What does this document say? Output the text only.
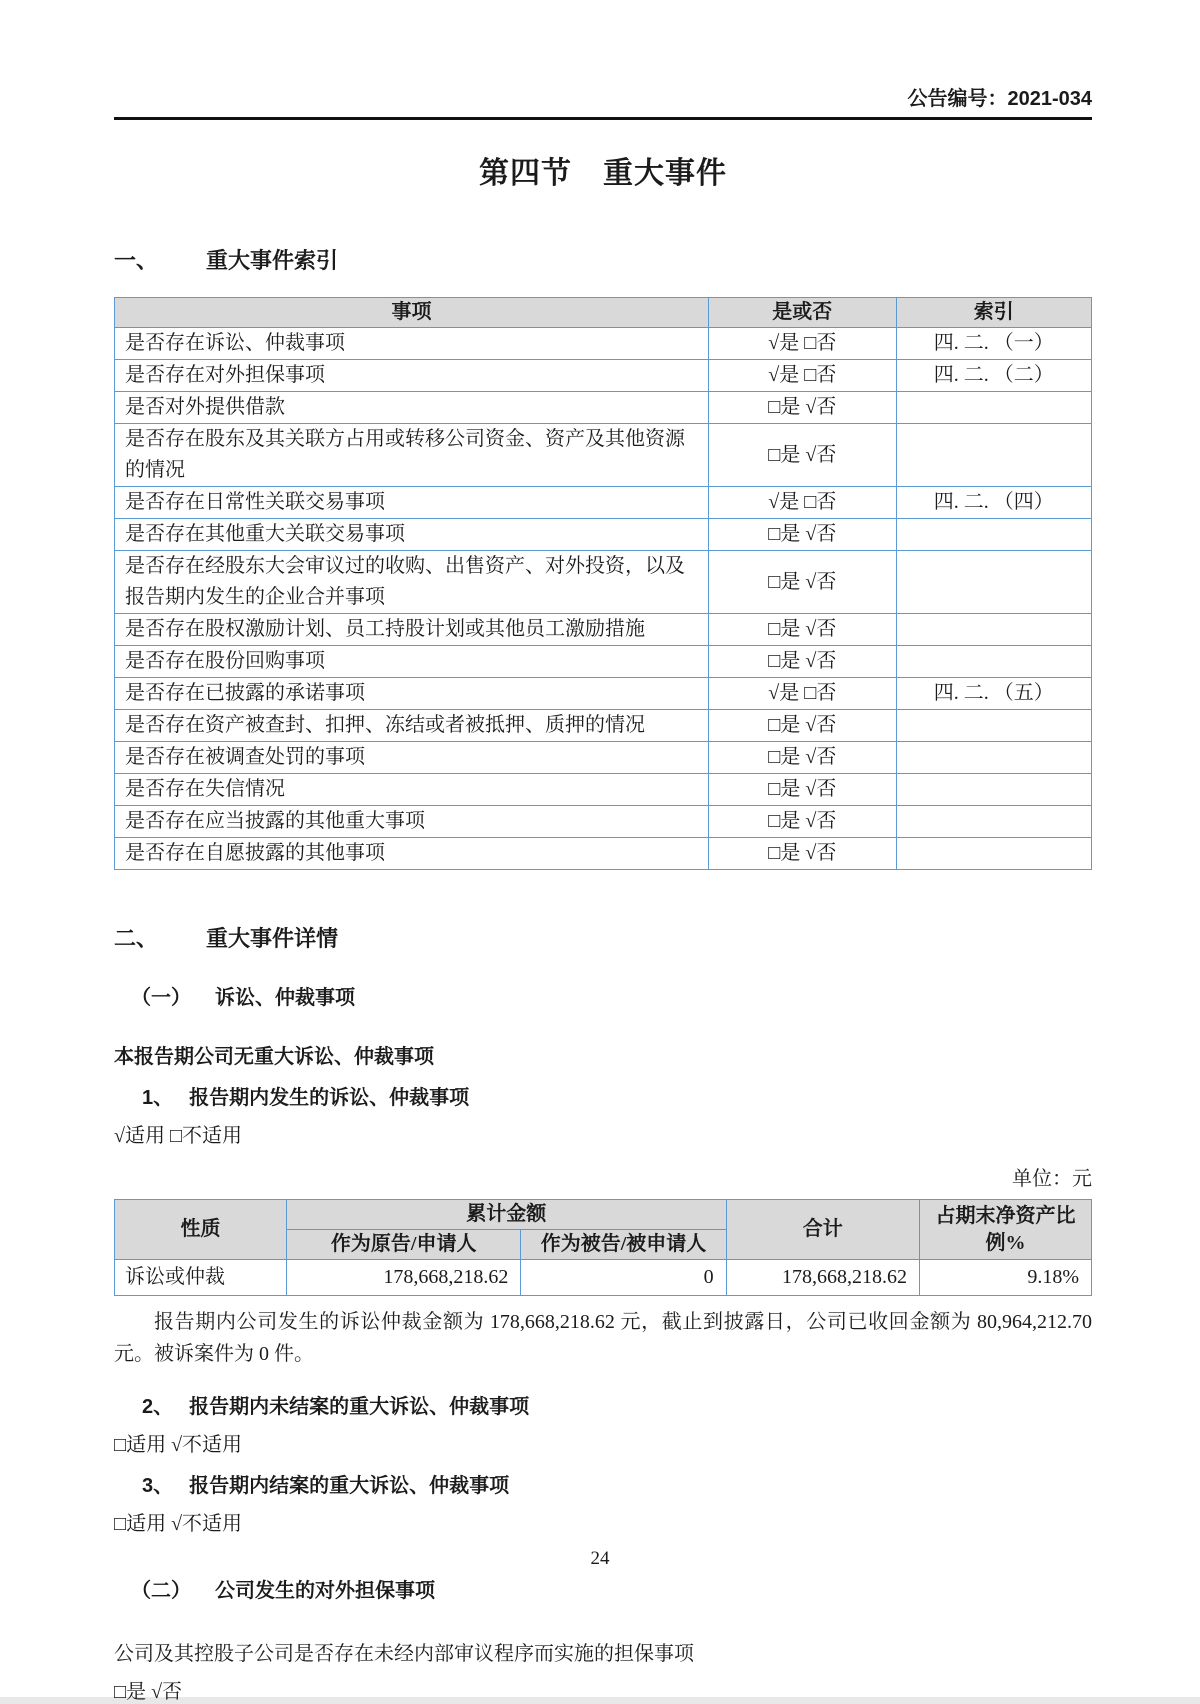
公告编号：2021-034
第四节　重大事件
一、	重大事件索引
事项	是或否	索引
是否存在诉讼、仲裁事项	√是 □否	四. 二. （一）
是否存在对外担保事项	√是 □否	四. 二. （二）
是否对外提供借款	□是 √否	
是否存在股东及其关联方占用或转移公司资金、资产及其他资源的情况	□是 √否	
是否存在日常性关联交易事项	√是 □否	四. 二. （四）
是否存在其他重大关联交易事项	□是 √否	
是否存在经股东大会审议过的收购、出售资产、对外投资，以及报告期内发生的企业合并事项	□是 √否	
是否存在股权激励计划、员工持股计划或其他员工激励措施	□是 √否	
是否存在股份回购事项	□是 √否	
是否存在已披露的承诺事项	√是 □否	四. 二. （五）
是否存在资产被查封、扣押、冻结或者被抵押、质押的情况	□是 √否	
是否存在被调查处罚的事项	□是 √否	
是否存在失信情况	□是 √否	
是否存在应当披露的其他重大事项	□是 √否	
是否存在自愿披露的其他事项	□是 √否	
二、	重大事件详情
（一） 诉讼、仲裁事项
本报告期公司无重大诉讼、仲裁事项
1、 报告期内发生的诉讼、仲裁事项
√适用 □不适用
单位：元
性质	累计金额		合计	占期末净资产比例%
	作为原告/申请人	作为被告/被申请人		
诉讼或仲裁	178,668,218.62	0	178,668,218.62	9.18%

报告期内公司发生的诉讼仲裁金额为 178,668,218.62 元，截止到披露日，公司已收回金额为 80,964,212.70 元。被诉案件为 0 件。

2、 报告期内未结案的重大诉讼、仲裁事项
□适用 √不适用
3、 报告期内结案的重大诉讼、仲裁事项
□适用 √不适用
（二） 公司发生的对外担保事项
公司及其控股子公司是否存在未经内部审议程序而实施的担保事项
□是 √否
24
